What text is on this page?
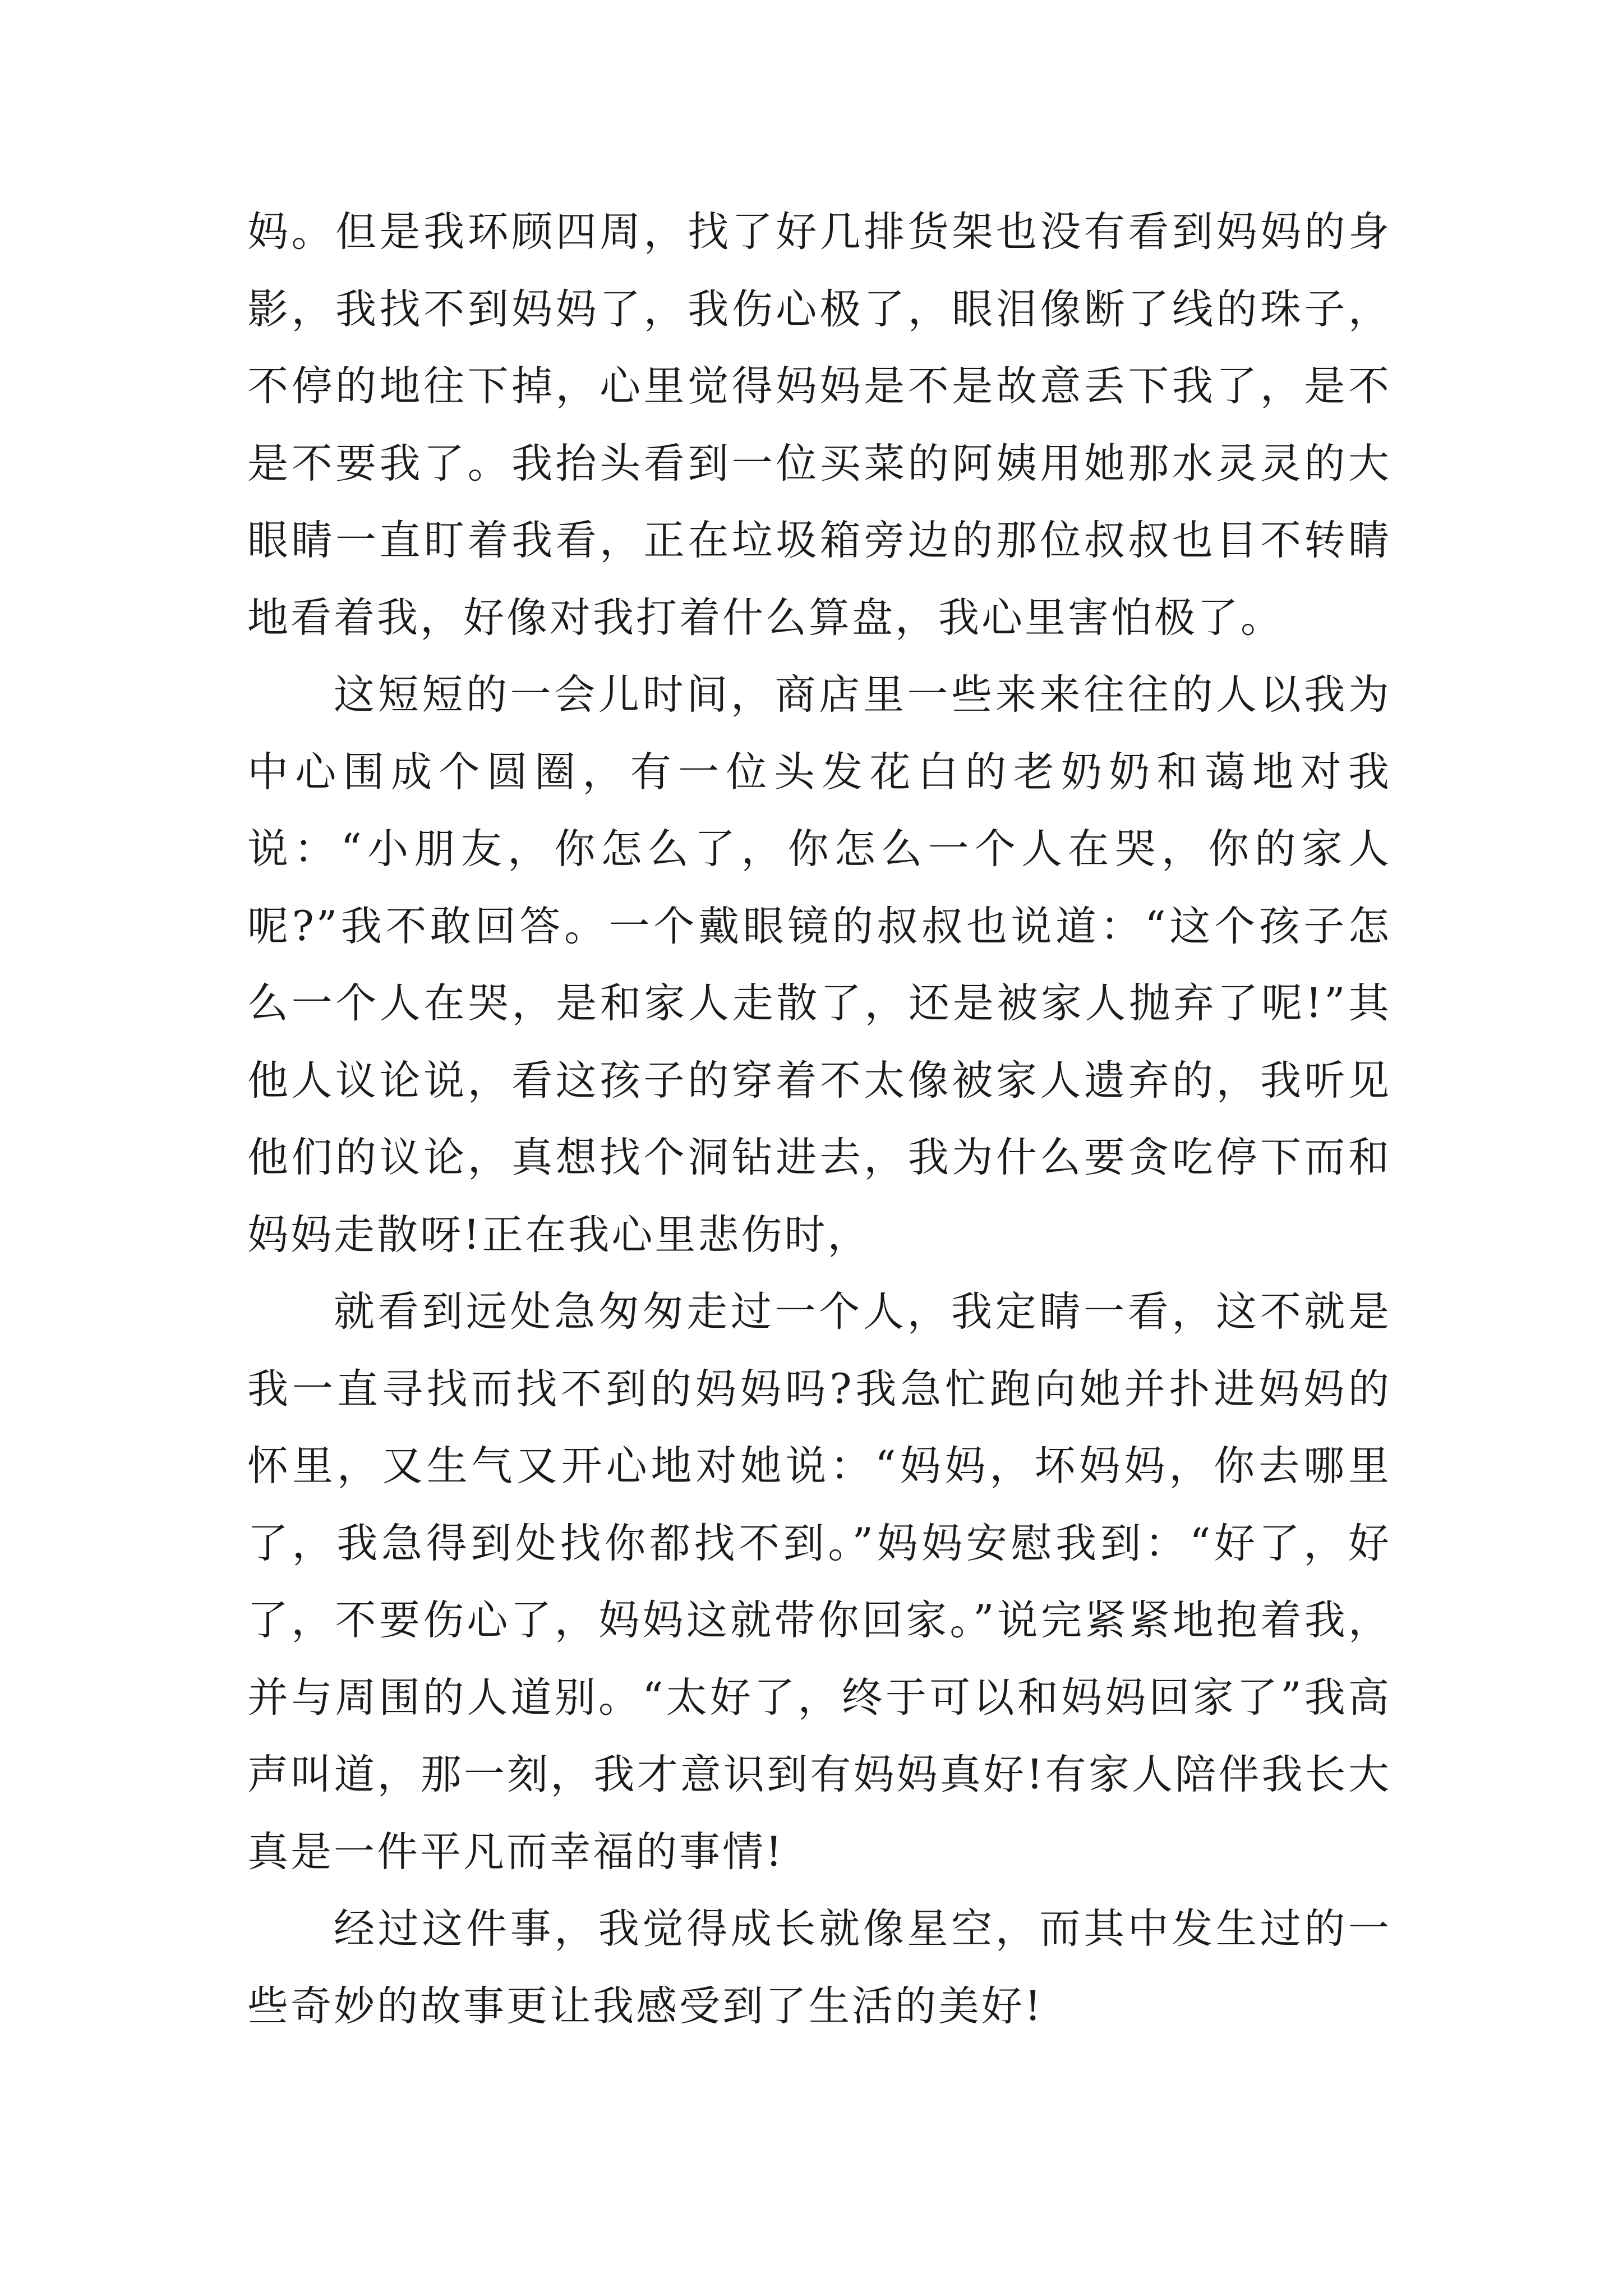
妈。但是我环顾四周，找了好几排货架也没有看到妈妈的身影，我找不到妈妈了，我伤心极了，眼泪像断了线的珠子，不停的地往下掉，心里觉得妈妈是不是故意丢下我了，是不是不要我了。我抬头看到一位买菜的阿姨用她那水灵灵的大眼睛一直盯着我看，正在垃圾箱旁边的那位叔叔也目不转睛地看着我，好像对我打着什么算盘，我心里害怕极了。

这短短的一会儿时间，商店里一些来来往往的人以我为中心围成个圆圈，有一位头发花白的老奶奶和蔼地对我说：“小朋友，你怎么了，你怎么一个人在哭，你的家人呢?”我不敢回答。一个戴眼镜的叔叔也说道：“这个孩子怎么一个人在哭，是和家人走散了，还是被家人抛弃了呢!”其他人议论说，看这孩子的穿着不太像被家人遗弃的，我听见他们的议论，真想找个洞钻进去，我为什么要贪吃停下而和妈妈走散呀!正在我心里悲伤时，

就看到远处急匆匆走过一个人，我定睛一看，这不就是我一直寻找而找不到的妈妈吗?我急忙跑向她并扑进妈妈的怀里，又生气又开心地对她说：“妈妈，坏妈妈，你去哪里了，我急得到处找你都找不到。”妈妈安慰我到：“好了，好了，不要伤心了，妈妈这就带你回家。”说完紧紧地抱着我，并与周围的人道别。“太好了，终于可以和妈妈回家了”我高声叫道，那一刻，我才意识到有妈妈真好!有家人陪伴我长大真是一件平凡而幸福的事情!

经过这件事，我觉得成长就像星空，而其中发生过的一些奇妙的故事更让我感受到了生活的美好!
